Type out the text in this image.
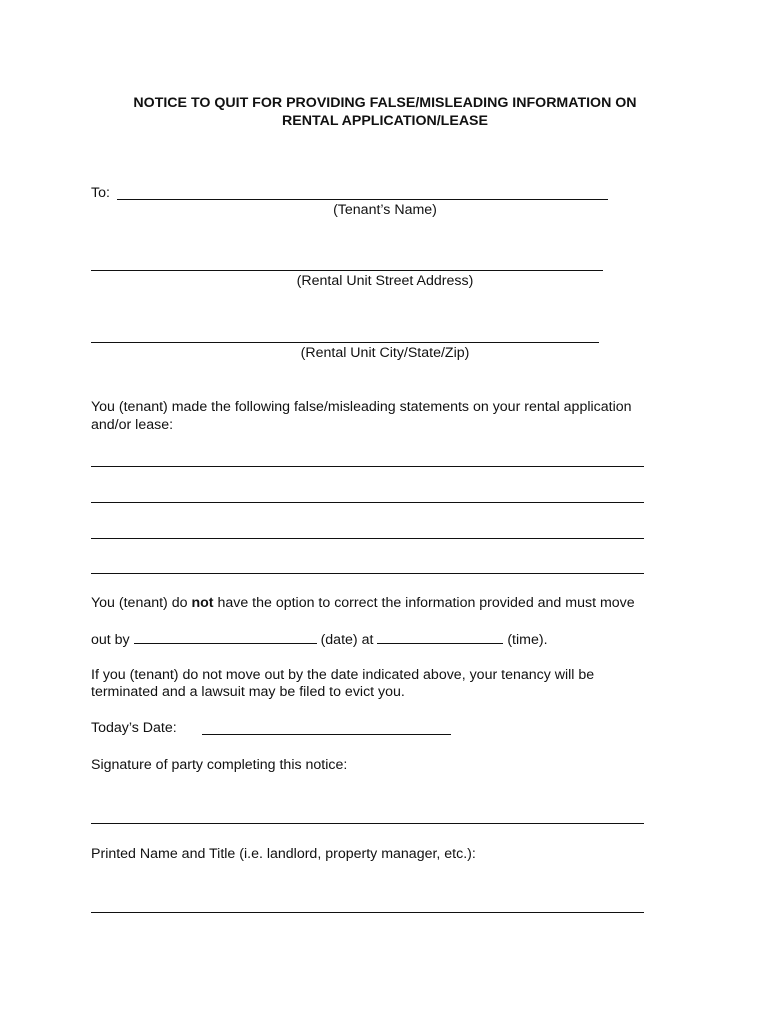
NOTICE TO QUIT FOR PROVIDING FALSE/MISLEADING INFORMATION ON
RENTAL APPLICATION/LEASE
To:
(Tenant’s Name)
(Rental Unit Street Address)
(Rental Unit City/State/Zip)
You (tenant) made the following false/misleading statements on your rental application
and/or lease:
You (tenant) do not have the option to correct the information provided and must move
out by	(date) at	(time).
If you (tenant) do not move out by the date indicated above, your tenancy will be
terminated and a lawsuit may be filed to evict you.
Today’s Date:
Signature of party completing this notice:
Printed Name and Title (i.e. landlord, property manager, etc.):
